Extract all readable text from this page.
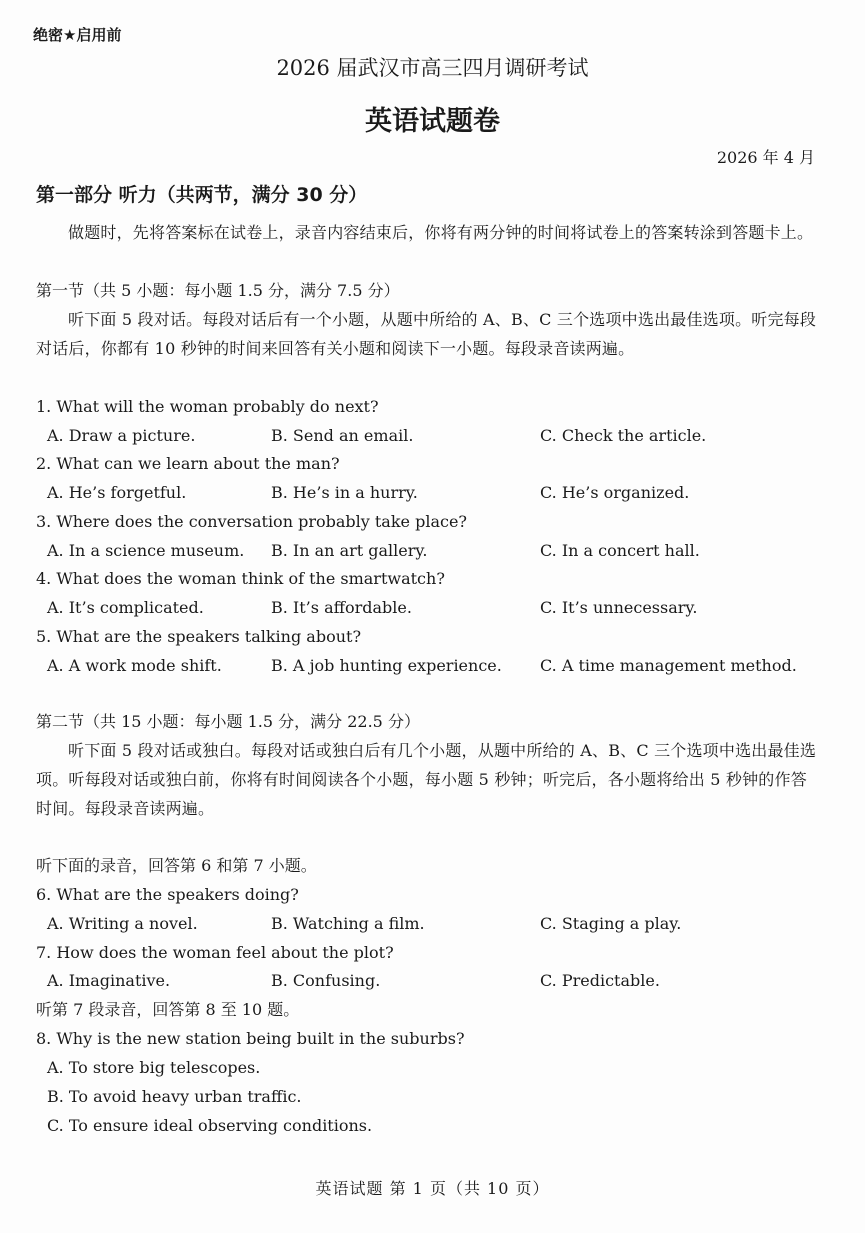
绝密★启用前
2026 届武汉市高三四月调研考试
英语试题卷
2026 年 4 月
第一部分 听力（共两节，满分 30 分）
做题时，先将答案标在试卷上，录音内容结束后，你将有两分钟的时间将试卷上的答案转涂到答题卡上。
第一节（共 5 小题：每小题 1.5 分，满分 7.5 分）
听下面 5 段对话。每段对话后有一个小题，从题中所给的 A、B、C 三个选项中选出最佳选项。听完每段对话后，你都有 10 秒钟的时间来回答有关小题和阅读下一小题。每段录音读两遍。
1. What will the woman probably do next?
A. Draw a picture.	B. Send an email.	C. Check the article.
2. What can we learn about the man?
A. He’s forgetful.	B. He’s in a hurry.	C. He’s organized.
3. Where does the conversation probably take place?
A. In a science museum. B. In an art gallery.	C. In a concert hall.
4. What does the woman think of the smartwatch?
A. It’s complicated.	B. It’s affordable.	C. It’s unnecessary.
5. What are the speakers talking about?
A. A work mode shift.	B. A job hunting experience. C. A time management method.
第二节（共 15 小题：每小题 1.5 分，满分 22.5 分）
听下面 5 段对话或独白。每段对话或独白后有几个小题，从题中所给的 A、B、C 三个选项中选出最佳选项。听每段对话或独白前，你将有时间阅读各个小题，每小题 5 秒钟；听完后，各小题将给出 5 秒钟的作答时间。每段录音读两遍。
听下面的录音，回答第 6 和第 7 小题。
6. What are the speakers doing?
A. Writing a novel.	B. Watching a film.	C. Staging a play.
7. How does the woman feel about the plot?
A. Imaginative.	B. Confusing.	C. Predictable.
听第 7 段录音，回答第 8 至 10 题。
8. Why is the new station being built in the suburbs?
A. To store big telescopes.
B. To avoid heavy urban traffic.
C. To ensure ideal observing conditions.
英语试题 第 1 页（共 10 页）
